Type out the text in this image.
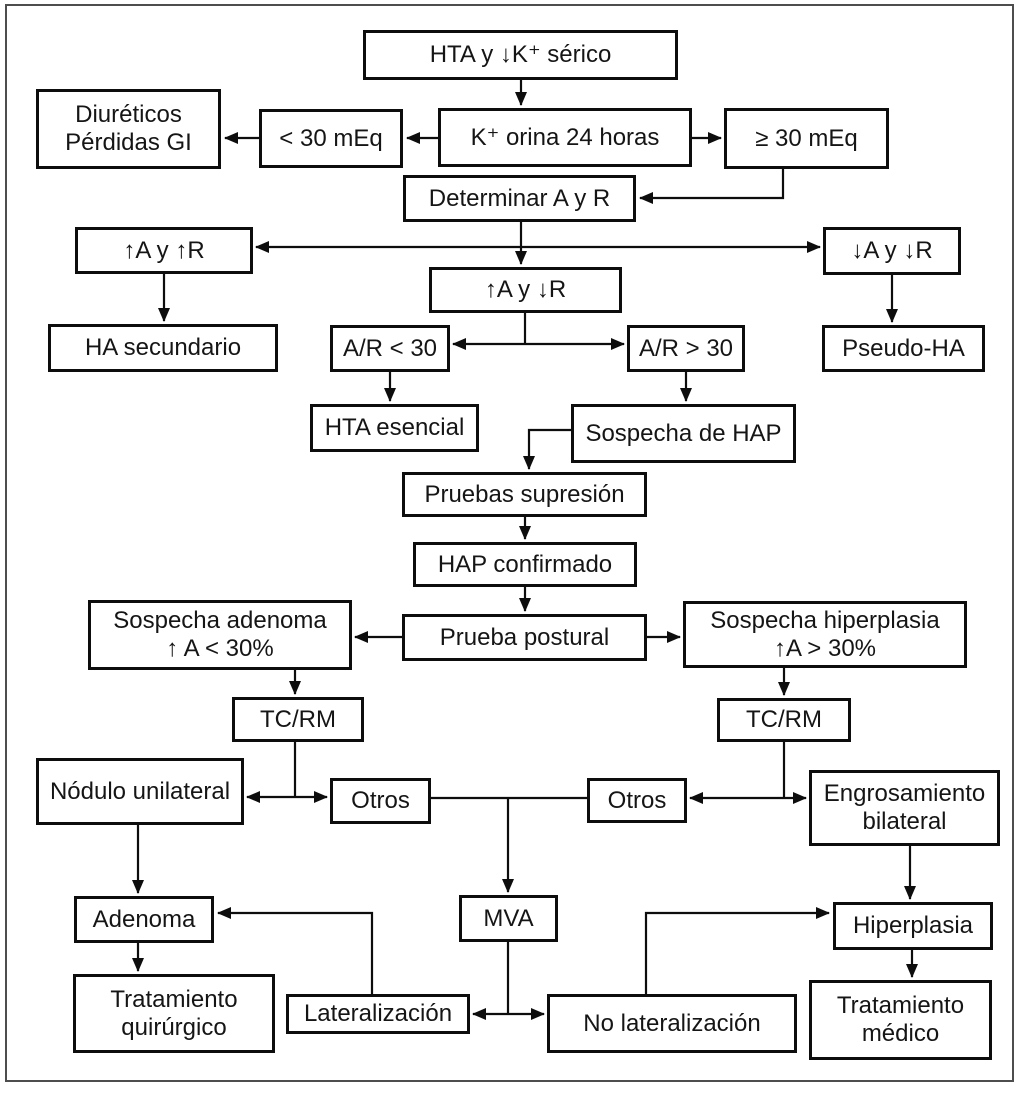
HTA y ↓K⁺ sérico
Diuréticos
Pérdidas GI	< 30 mEq	K⁺ orina 24 horas	≥ 30 mEq
Determinar A y R
↑A y ↑R	↓A y ↓R
↑A y ↓R
HA secundario	A/R < 30	A/R > 30	Pseudo-HA
HTA esencial	Sospecha de HAP
Pruebas supresión
HAP confirmado
Sospecha adenoma
↑ A < 30%	Prueba postural
Sospecha hiperplasia
↑A > 30%
TC/RM	TC/RM
Nódulo unilateral	Otros	Otros	Engrosamiento
bilateral
Adenoma	MVA	Hiperplasia
Tratamiento
quirúrgico	Lateralización	No lateralización
Tratamiento
médico
